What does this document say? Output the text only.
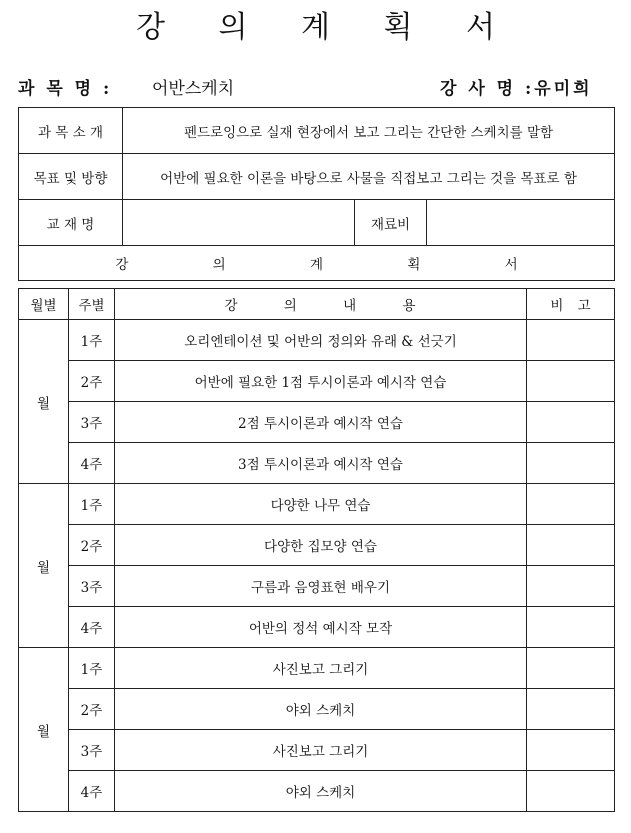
강 의 계 획 서
과 목 명 : 어반스케치	강 사 명 :유미희
과 목 소 개	펜드로잉으로 실재 현장에서 보고 그리는 간단한 스케치를 말함		
목표 및 방향	어반에 필요한 이론을 바탕으로 사물을 직접보고 그리는 것을 목표로 함		
교 재 명		재료비	
강 의 계 획 서			
월별	주별	강 의 내 용	비 고
월	1주	오리엔테이션 및 어반의 정의와 유래 & 선긋기	
	2주	어반에 필요한 1점 투시이론과 예시작 연습	
	3주	2점 투시이론과 예시작 연습	
	4주	3점 투시이론과 예시작 연습	
월	1주	다양한 나무 연습	
	2주	다양한 집모양 연습	
	3주	구름과 음영표현 배우기	
	4주	어반의 정석 예시작 모작	
월	1주	사진보고 그리기	
	2주	야외 스케치	
	3주	사진보고 그리기	
	4주	야외 스케치	
